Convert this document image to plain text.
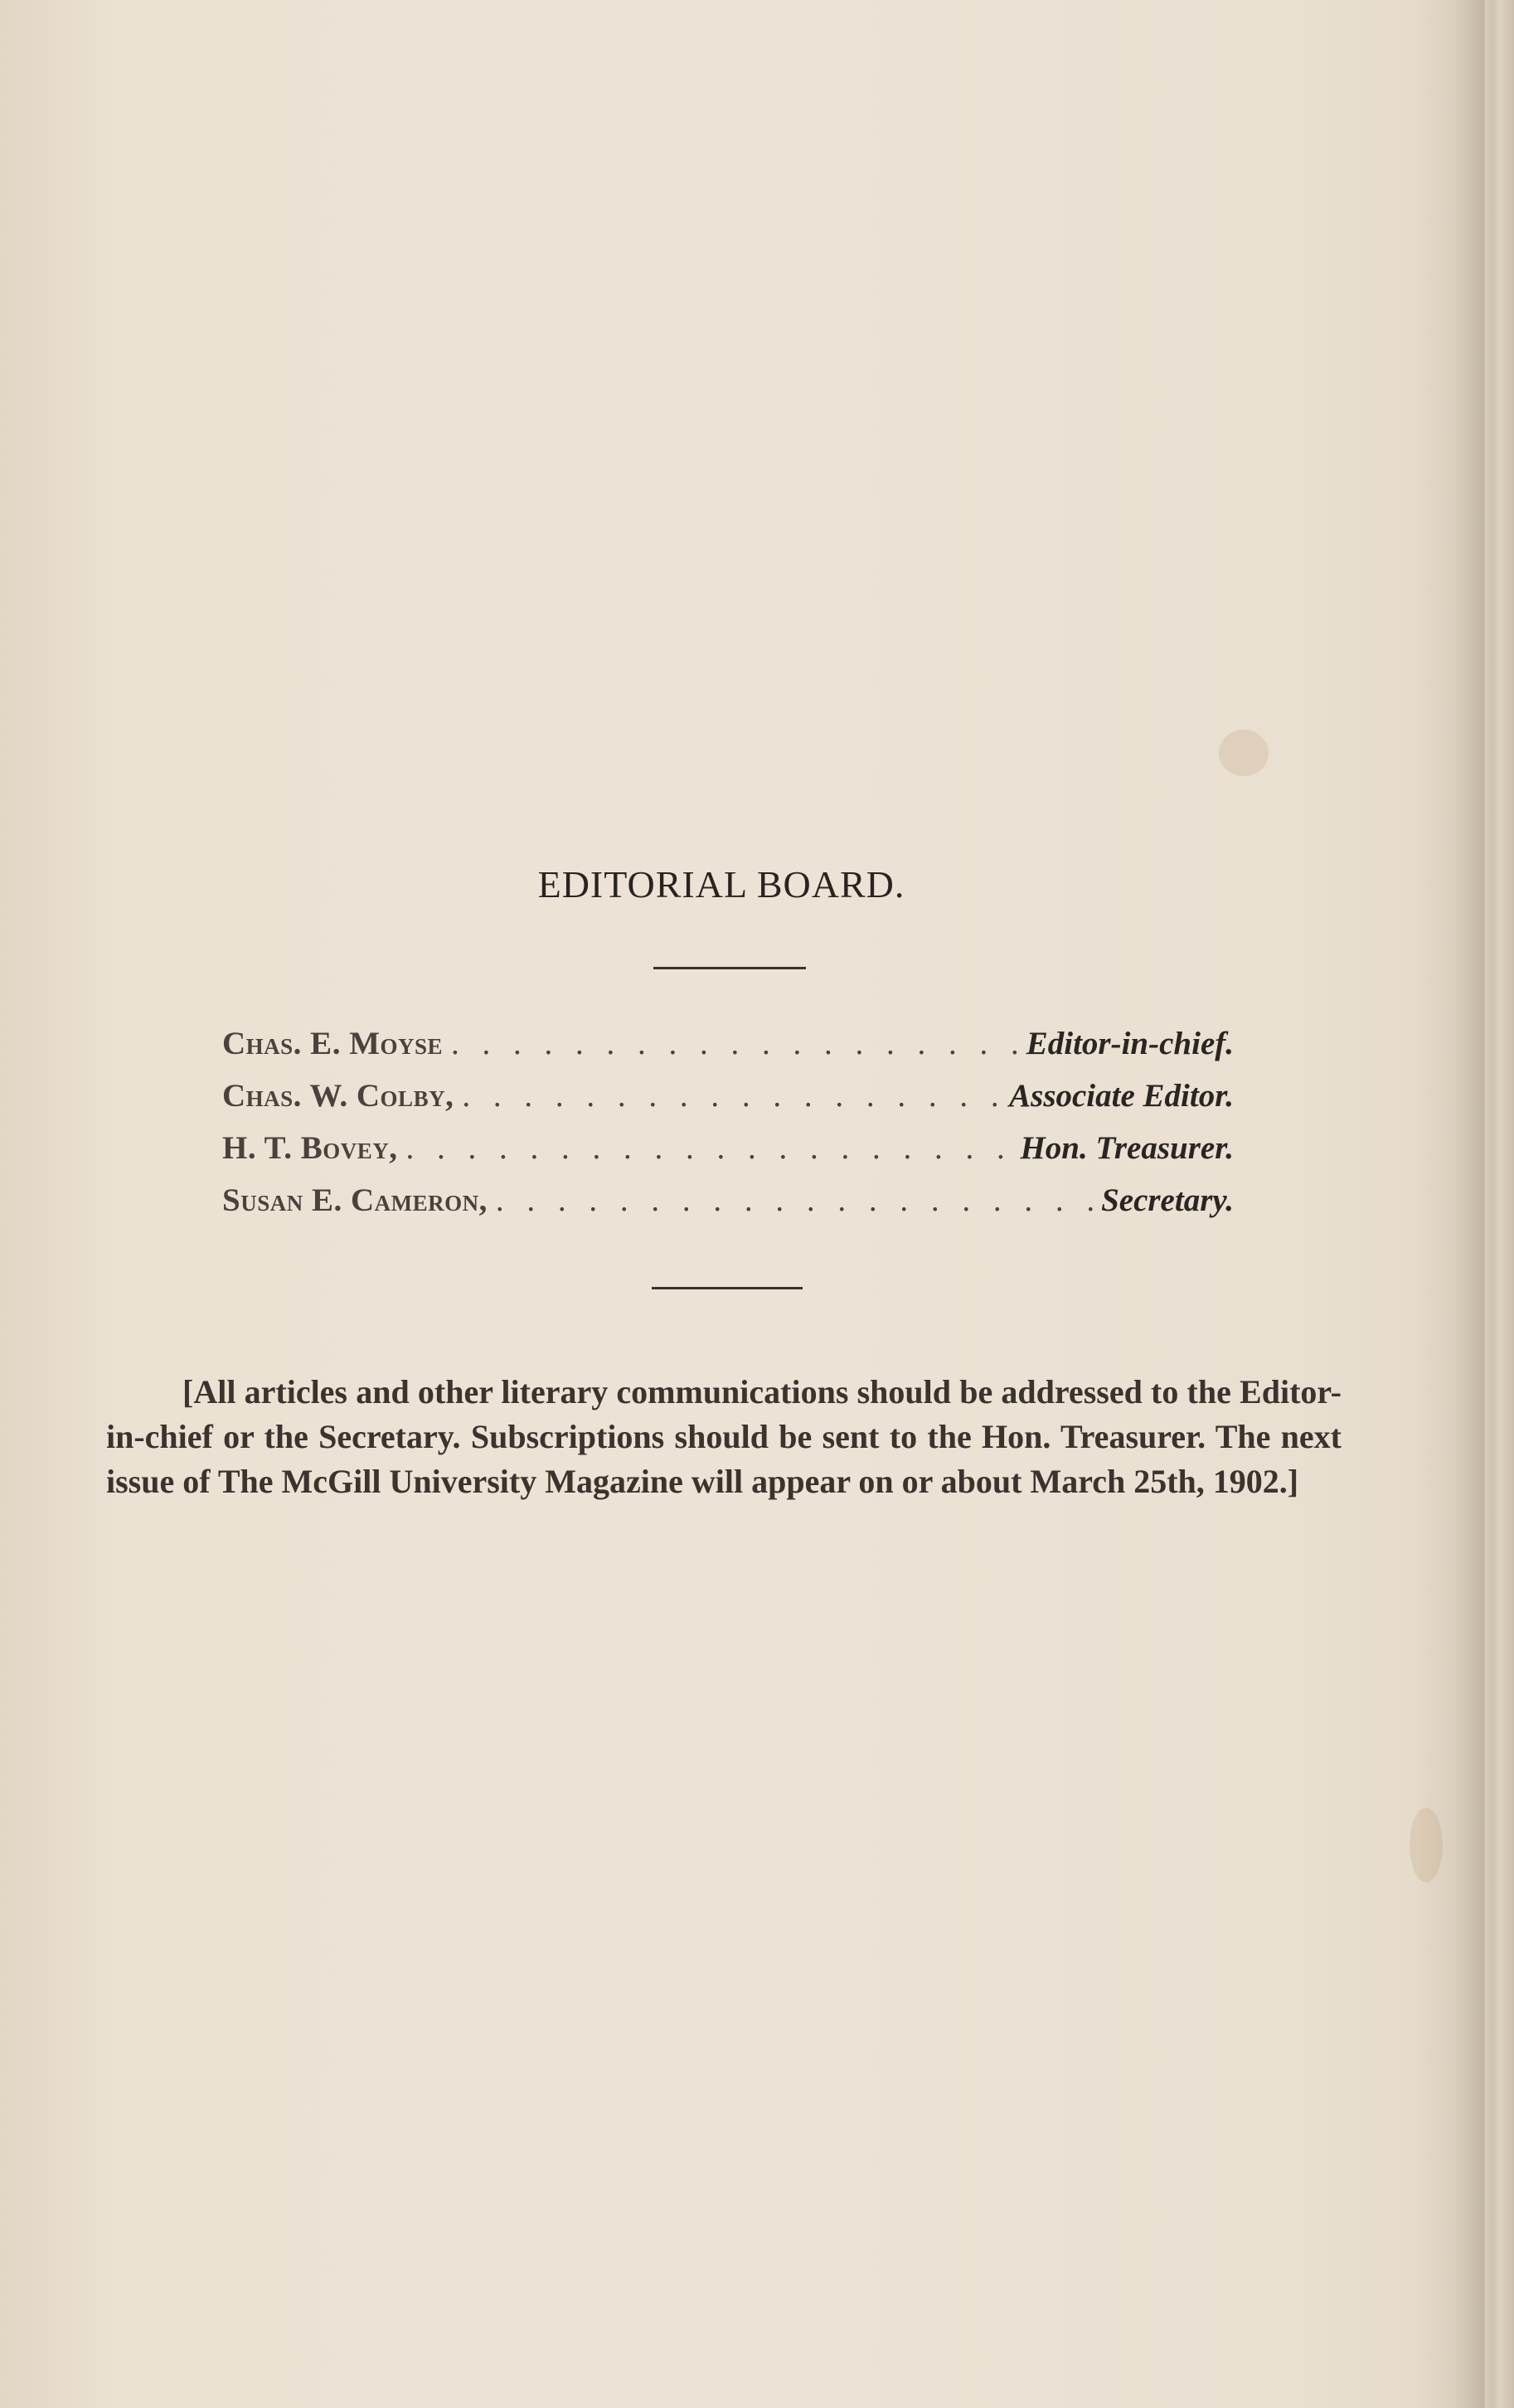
EDITORIAL BOARD.
Chas. E. Moyse . . .	Editor-in-chief.
Chas. W. Colby, . . .	Associate Editor.
H. T. Bovey, . . .	Hon. Treasurer.
Susan E. Cameron, . . .	Secretary.

[All articles and other literary communications should be addressed to the Editor-in-chief or the Secretary. Subscriptions should be sent to the Hon. Treasurer. The next issue of The McGill University Magazine will appear on or about March 25th, 1902.]
